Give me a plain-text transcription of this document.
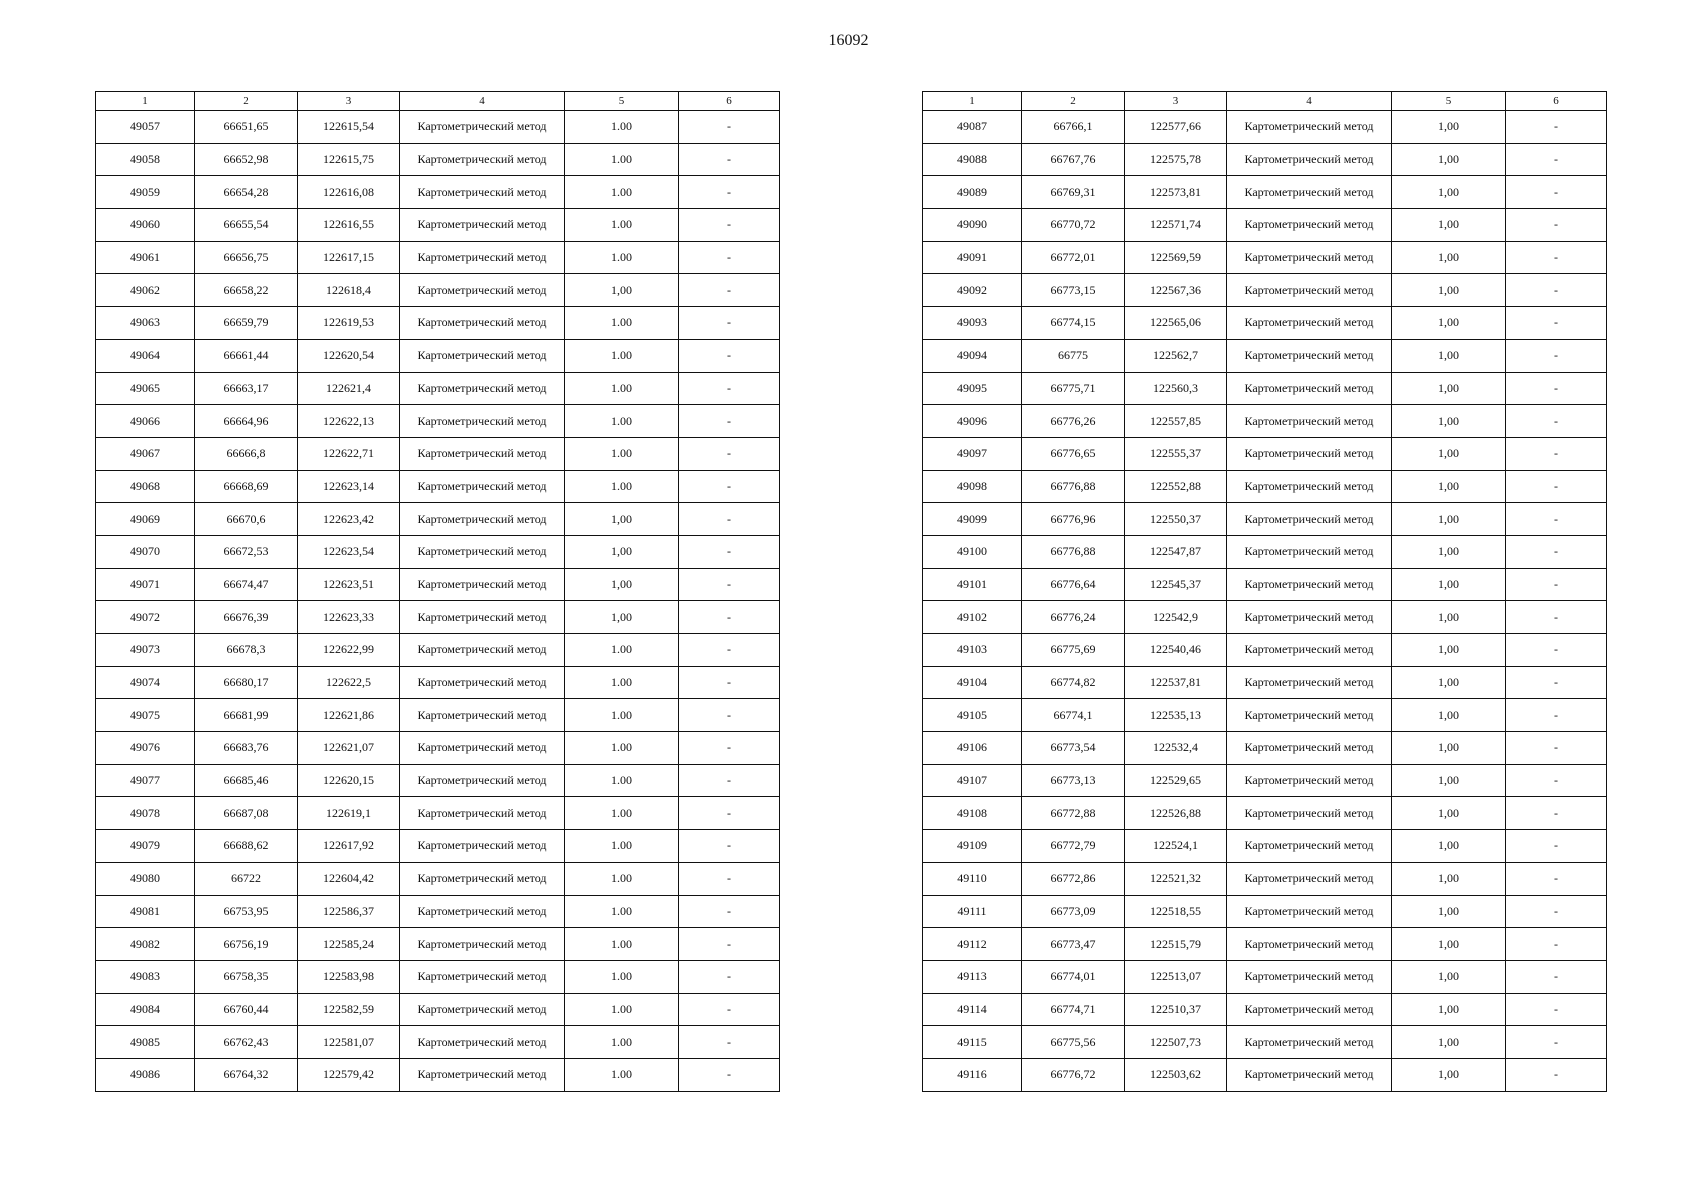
16092
1	2	3	4	5	6
49057	66651,65	122615,54	Картометрический метод	1.00	-
49058	66652,98	122615,75	Картометрический метод	1.00	-
49059	66654,28	122616,08	Картометрический метод	1.00	-
49060	66655,54	122616,55	Картометрический метод	1.00	-
49061	66656,75	122617,15	Картометрический метод	1.00	-
49062	66658,22	122618,4	Картометрический метод	1,00	-
49063	66659,79	122619,53	Картометрический метод	1.00	-
49064	66661,44	122620,54	Картометрический метод	1.00	-
49065	66663,17	122621,4	Картометрический метод	1.00	-
49066	66664,96	122622,13	Картометрический метод	1.00	-
49067	66666,8	122622,71	Картометрический метод	1.00	-
49068	66668,69	122623,14	Картометрический метод	1.00	-
49069	66670,6	122623,42	Картометрический метод	1,00	-
49070	66672,53	122623,54	Картометрический метод	1,00	-
49071	66674,47	122623,51	Картометрический метод	1,00	-
49072	66676,39	122623,33	Картометрический метод	1,00	-
49073	66678,3	122622,99	Картометрический метод	1.00	-
49074	66680,17	122622,5	Картометрический метод	1.00	-
49075	66681,99	122621,86	Картометрический метод	1.00	-
49076	66683,76	122621,07	Картометрический метод	1.00	-
49077	66685,46	122620,15	Картометрический метод	1.00	-
49078	66687,08	122619,1	Картометрический метод	1.00	-
49079	66688,62	122617,92	Картометрический метод	1.00	-
49080	66722	122604,42	Картометрический метод	1.00	-
49081	66753,95	122586,37	Картометрический метод	1.00	-
49082	66756,19	122585,24	Картометрический метод	1.00	-
49083	66758,35	122583,98	Картометрический метод	1.00	-
49084	66760,44	122582,59	Картометрический метод	1.00	-
49085	66762,43	122581,07	Картометрический метод	1.00	-
49086	66764,32	122579,42	Картометрический метод	1.00	-
1	2	3	4	5	6
49087	66766,1	122577,66	Картометрический метод	1,00	-
49088	66767,76	122575,78	Картометрический метод	1,00	-
49089	66769,31	122573,81	Картометрический метод	1,00	-
49090	66770,72	122571,74	Картометрический метод	1,00	-
49091	66772,01	122569,59	Картометрический метод	1,00	-
49092	66773,15	122567,36	Картометрический метод	1,00	-
49093	66774,15	122565,06	Картометрический метод	1,00	-
49094	66775	122562,7	Картометрический метод	1,00	-
49095	66775,71	122560,3	Картометрический метод	1,00	-
49096	66776,26	122557,85	Картометрический метод	1,00	-
49097	66776,65	122555,37	Картометрический метод	1,00	-
49098	66776,88	122552,88	Картометрический метод	1,00	-
49099	66776,96	122550,37	Картометрический метод	1,00	-
49100	66776,88	122547,87	Картометрический метод	1,00	-
49101	66776,64	122545,37	Картометрический метод	1,00	-
49102	66776,24	122542,9	Картометрический метод	1,00	-
49103	66775,69	122540,46	Картометрический метод	1,00	-
49104	66774,82	122537,81	Картометрический метод	1,00	-
49105	66774,1	122535,13	Картометрический метод	1,00	-
49106	66773,54	122532,4	Картометрический метод	1,00	-
49107	66773,13	122529,65	Картометрический метод	1,00	-
49108	66772,88	122526,88	Картометрический метод	1,00	-
49109	66772,79	122524,1	Картометрический метод	1,00	-
49110	66772,86	122521,32	Картометрический метод	1,00	-
49111	66773,09	122518,55	Картометрический метод	1,00	-
49112	66773,47	122515,79	Картометрический метод	1,00	-
49113	66774,01	122513,07	Картометрический метод	1,00	-
49114	66774,71	122510,37	Картометрический метод	1,00	-
49115	66775,56	122507,73	Картометрический метод	1,00	-
49116	66776,72	122503,62	Картометрический метод	1,00	-
